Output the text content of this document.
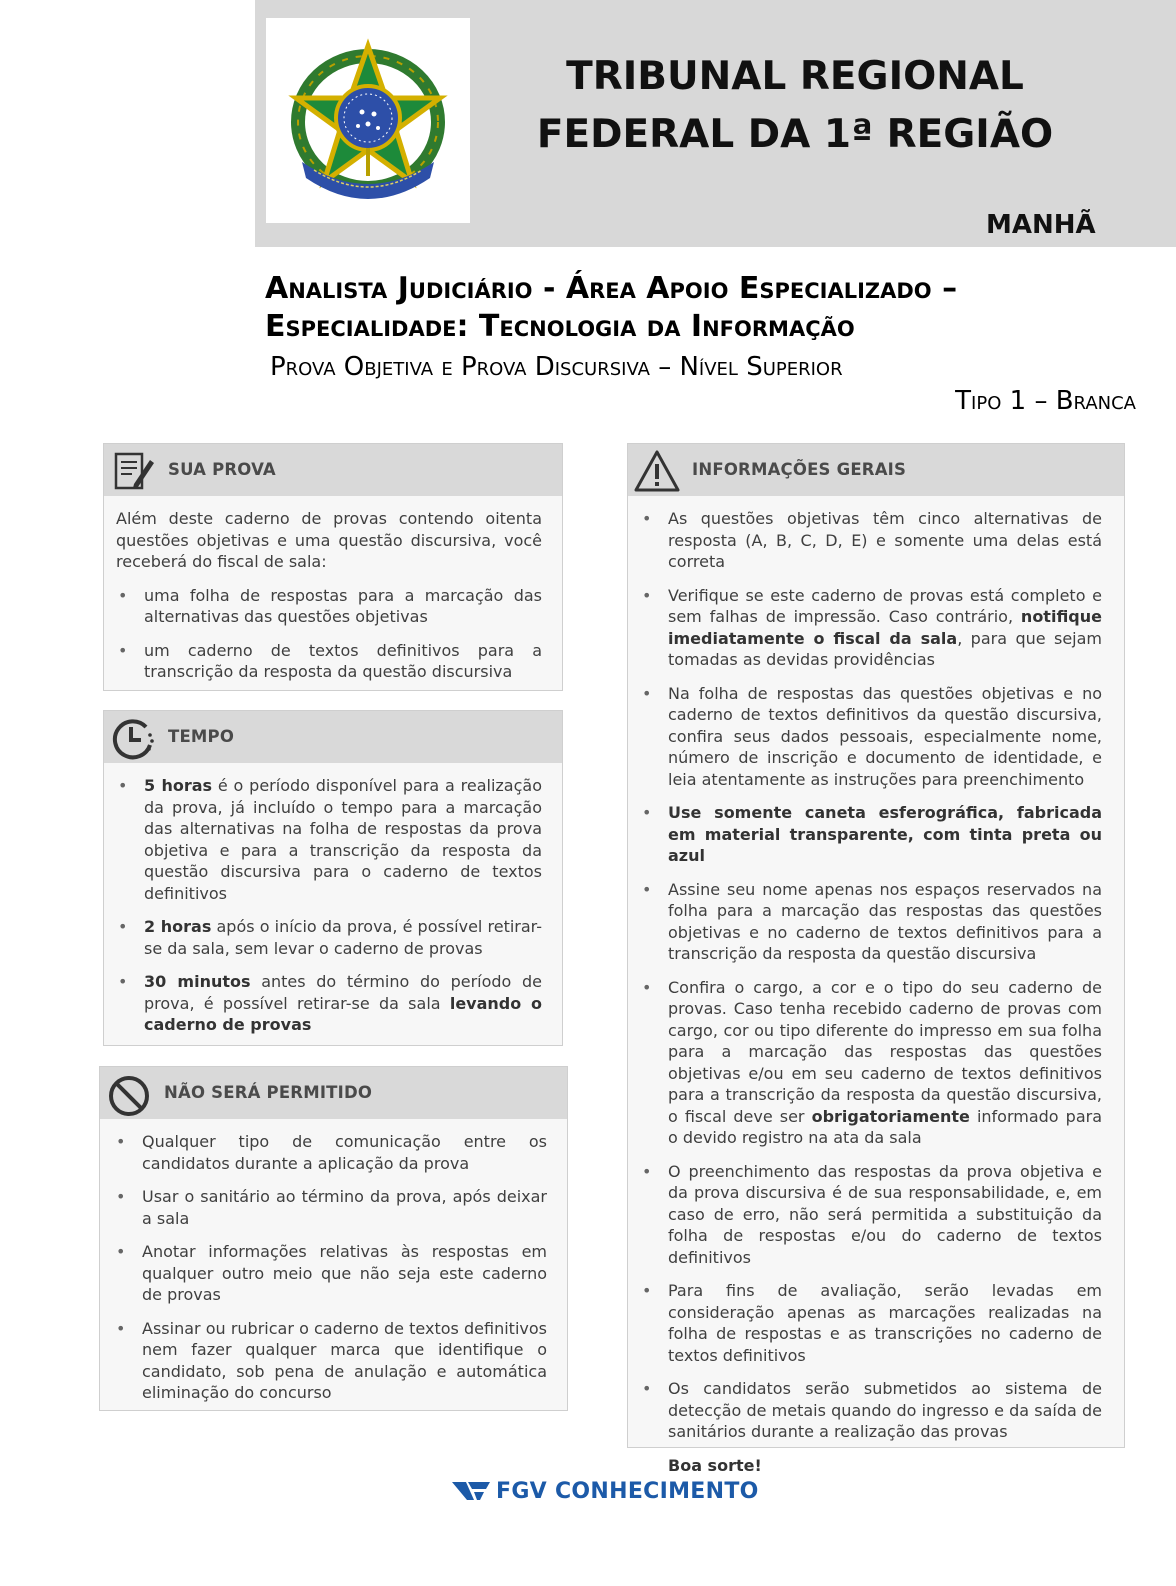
TRIBUNAL REGIONAL
FEDERAL DA 1ª REGIÃO
MANHÃ
Analista Judiciário - Área Apoio Especializado –
Especialidade: Tecnologia da Informação
Prova Objetiva e Prova Discursiva – Nível Superior
Tipo 1 – Branca
SUA PROVA

Além deste caderno de provas contendo oitenta questões objetivas e uma questão discursiva, você receberá do fiscal de sala:

• uma folha de respostas para a marcação das alternativas das questões objetivas
• um caderno de textos definitivos para a transcrição da resposta da questão discursiva
TEMPO
• 5 horas é o período disponível para a realização da prova, já incluído o tempo para a marcação das alternativas na folha de respostas da prova objetiva e para a transcrição da resposta da questão discursiva para o caderno de textos definitivos
• 2 horas após o início da prova, é possível retirar-se da sala, sem levar o caderno de provas
• 30 minutos antes do término do período de prova, é possível retirar-se da sala levando o caderno de provas
NÃO SERÁ PERMITIDO
• Qualquer tipo de comunicação entre os candidatos durante a aplicação da prova
• Usar o sanitário ao término da prova, após deixar a sala
• Anotar informações relativas às respostas em qualquer outro meio que não seja este caderno de provas
• Assinar ou rubricar o caderno de textos definitivos nem fazer qualquer marca que identifique o candidato, sob pena de anulação e automática eliminação do concurso
INFORMAÇÕES GERAIS
• As questões objetivas têm cinco alternativas de resposta (A, B, C, D, E) e somente uma delas está correta
• Verifique se este caderno de provas está completo e sem falhas de impressão. Caso contrário, notifique imediatamente o fiscal da sala, para que sejam tomadas as devidas providências
• Na folha de respostas das questões objetivas e no caderno de textos definitivos da questão discursiva, confira seus dados pessoais, especialmente nome, número de inscrição e documento de identidade, e leia atentamente as instruções para preenchimento
• Use somente caneta esferográfica, fabricada em material transparente, com tinta preta ou azul
• Assine seu nome apenas nos espaços reservados na folha para a marcação das respostas das questões objetivas e no caderno de textos definitivos para a transcrição da resposta da questão discursiva
• Confira o cargo, a cor e o tipo do seu caderno de provas. Caso tenha recebido caderno de provas com cargo, cor ou tipo diferente do impresso em sua folha para a marcação das respostas das questões objetivas e/ou em seu caderno de textos definitivos para a transcrição da resposta da questão discursiva, o fiscal deve ser obrigatoriamente informado para o devido registro na ata da sala
• O preenchimento das respostas da prova objetiva e da prova discursiva é de sua responsabilidade, e, em caso de erro, não será permitida a substituição da folha de respostas e/ou do caderno de textos definitivos
• Para fins de avaliação, serão levadas em consideração apenas as marcações realizadas na folha de respostas e as transcrições no caderno de textos definitivos
• Os candidatos serão submetidos ao sistema de detecção de metais quando do ingresso e da saída de sanitários durante a realização das provas

Boa sorte!

FGV CONHECIMENTO
